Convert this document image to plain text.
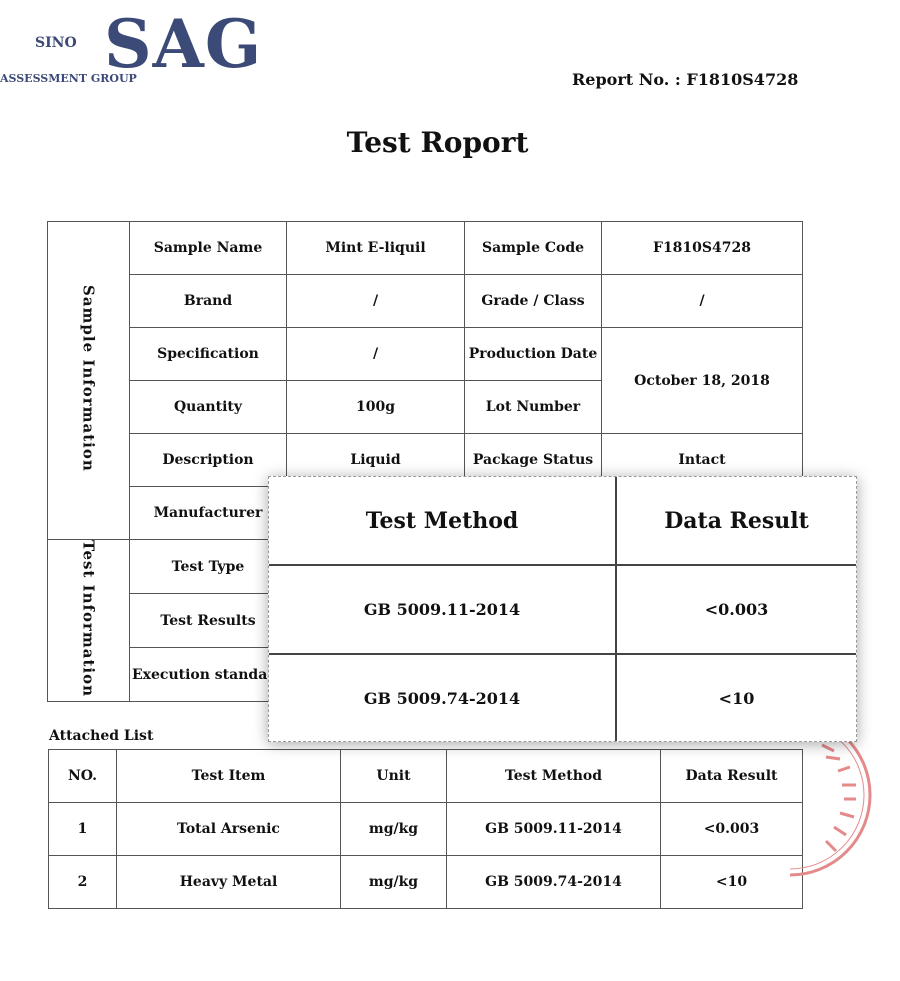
SINO SAG
ASSESSMENT GROUP	Report No. : F1810S4728
Test Roport
Sample Information	Sample Name	Mint E-liquil	Sample Code	F1810S4728
	Brand	/	Grade / Class	/
	Specification	/	Production Date	October 18, 2018
	Quantity	100g	Lot Number	
	Description	Liquid	Package Status	Intact
	Manufacturer			
Test Information	Test Type			
	Test Results			
	Execution standa			
Attached List
NO.	Test Item	Unit	Test Method	Data Result
1	Total Arsenic	mg/kg	GB 5009.11-2014	<0.003
2	Heavy Metal	mg/kg	GB 5009.74-2014	<10
Test Method	Data Result
GB 5009.11-2014	<0.003
GB 5009.74-2014	<10
